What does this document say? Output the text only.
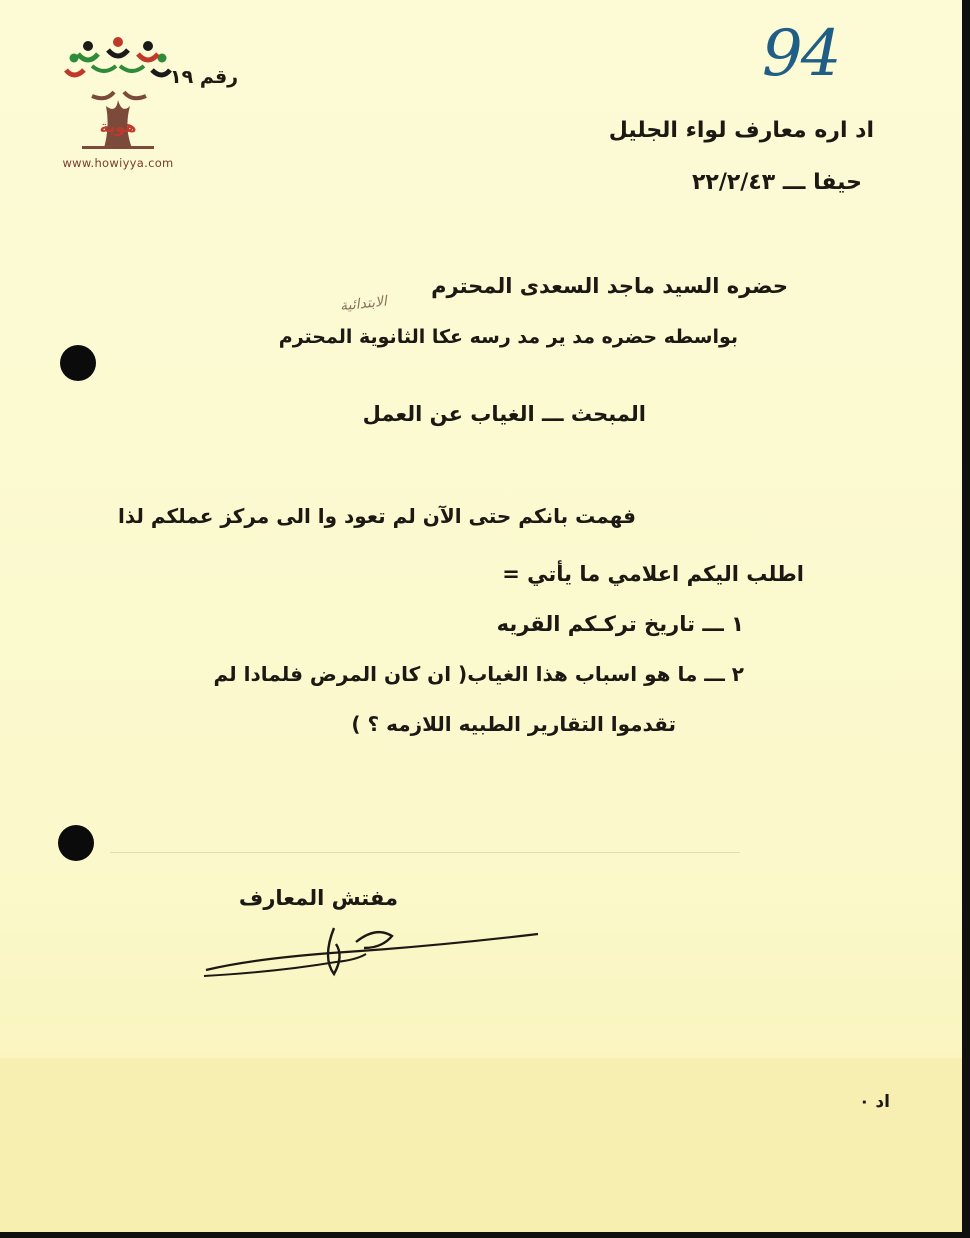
هوية
www.howiyya.com
94
رقم ١٩
اد اره معارف لواء الجليل
حيفا ـــ ٢٢/٢/٤٣
حضره السيد ماجد السعدى المحترم
الابتدائية
بواسطه حضره مد ير مد رسه عكا الثانوية المحترم
المبحث ـــ الغياب عن العمل
فهمت بانكم حتى الآن لم تعود وا الى مركز عملكم لذا
اطلب اليكم اعلامي ما يأتي =
١ ـــ تاريخ تركـكم القريه
٢ ـــ ما هو اسباب هذا الغياب( ان كان المرض فلمادا لم
تقدموا التقارير الطبيه اللازمه ؟ )
مفتش المعارف
اد ٠
